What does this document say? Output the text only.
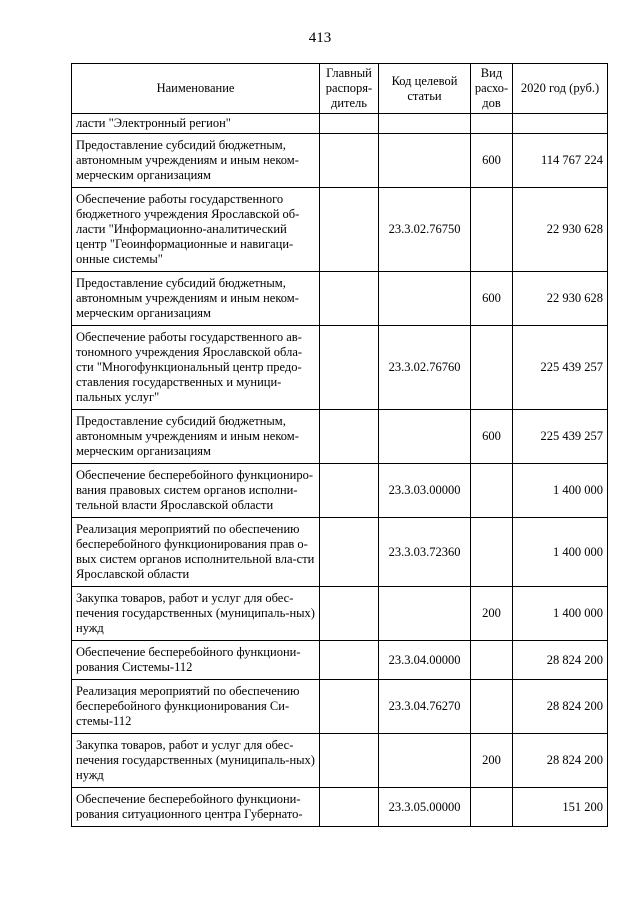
413
Наименование	Главный распоря-дитель	Код целевой статьи	Вид расхо-дов	2020 год (руб.)
ласти "Электронный регион"				
Предоставление субсидий бюджетным, автономным учреждениям и иным неком-мерческим организациям			600	114 767 224
Обеспечение работы государственного бюджетного учреждения Ярославской об-ласти "Информационно-аналитический центр "Геоинформационные и навигаци-онные системы"		23.3.02.76750		22 930 628
Предоставление субсидий бюджетным, автономным учреждениям и иным неком-мерческим организациям			600	22 930 628
Обеспечение работы государственного ав-тономного учреждения Ярославской обла-сти "Многофункциональный центр предо-ставления государственных и муници-пальных услуг"		23.3.02.76760		225 439 257
Предоставление субсидий бюджетным, автономным учреждениям и иным неком-мерческим организациям			600	225 439 257
Обеспечение бесперебойного функциониро-вания правовых систем органов исполни-тельной власти Ярославской области		23.3.03.00000		1 400 000
Реализация мероприятий по обеспечению бесперебойного функционирования прав о-вых систем органов исполнительной вла-сти Ярославской области		23.3.03.72360		1 400 000
Закупка товаров, работ и услуг для обес-печения государственных (муниципаль-ных) нужд			200	1 400 000
Обеспечение бесперебойного функциони-рования Системы-112		23.3.04.00000		28 824 200
Реализация мероприятий по обеспечению бесперебойного функционирования Си-стемы-112		23.3.04.76270		28 824 200
Закупка товаров, работ и услуг для обес-печения государственных (муниципаль-ных) нужд			200	28 824 200
Обеспечение бесперебойного функциони-рования ситуационного центра Губернато-		23.3.05.00000		151 200
